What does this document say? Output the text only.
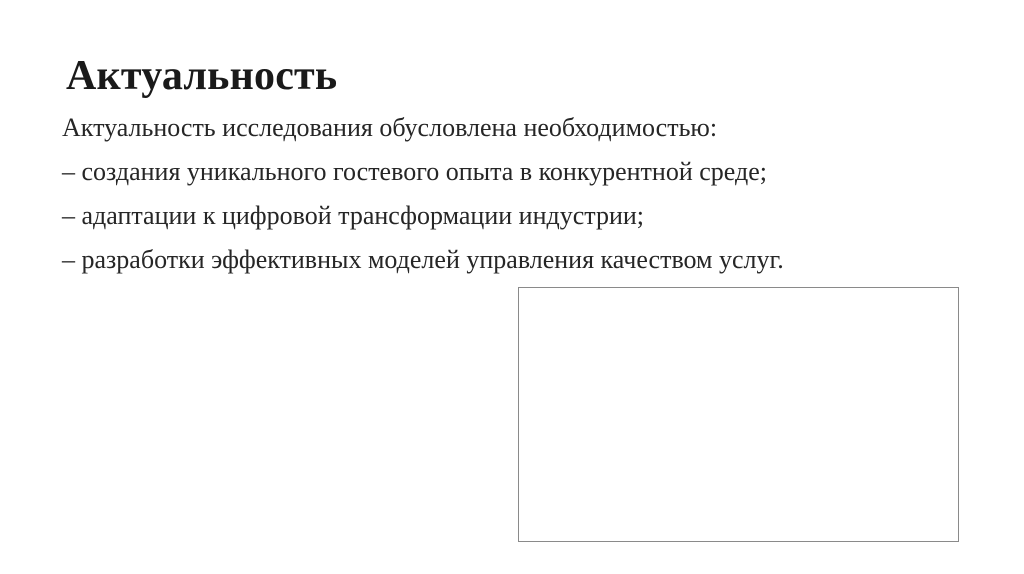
Актуальность
Актуальность исследования обусловлена необходимостью:
– создания уникального гостевого опыта в конкурентной среде;
– адаптации к цифровой трансформации индустрии;
– разработки эффективных моделей управления качеством услуг.
